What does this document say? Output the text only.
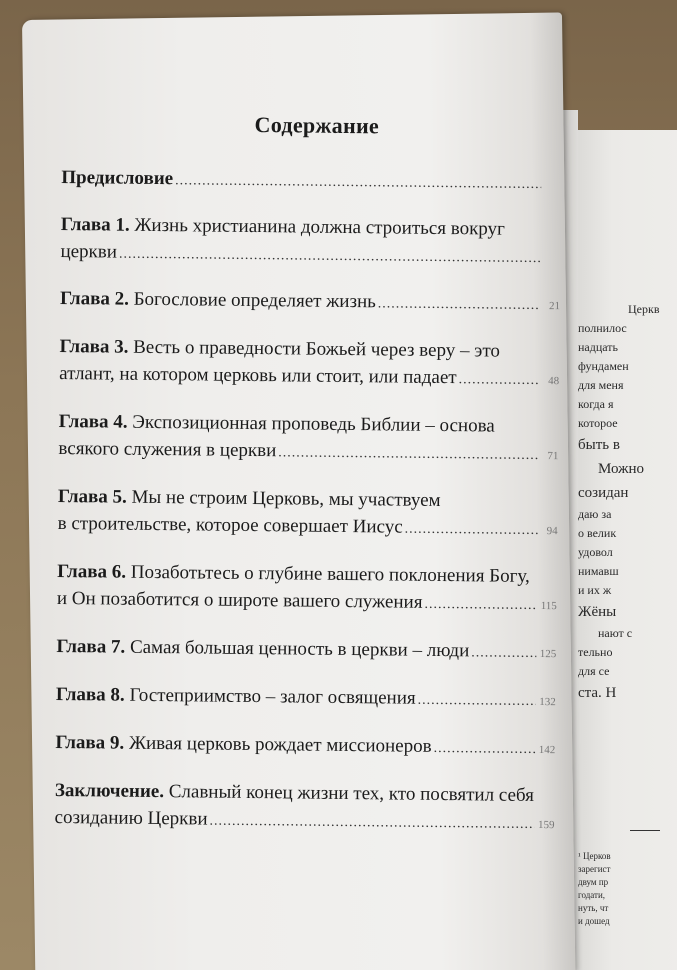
Содержание
Предисловие
.....
Глава 1. Жизнь христианина должна строиться вокруг
церкви
.....
Глава 2. Богословие определяет жизнь .....	21
Глава 3. Весть о праведности Божьей через веру – это
атлант, на котором церковь или стоит, или падает .....	48
Глава 4. Экспозиционная проповедь Библии – основа
всякого служения в церкви .....	71
Глава 5. Мы не строим Церковь, мы участвуем
в строительстве, которое совершает Иисус .....	94
Глава 6. Позаботьтесь о глубине вашего поклонения Богу,
и Он позаботится о широте вашего служения .....	115
Глава 7. Самая большая ценность в церкви – люди .....	125
Глава 8. Гостеприимство – залог освящения .....	132
Глава 9. Живая церковь рождает миссионеров .....	142
Заключение. Славный конец жизни тех, кто посвятил себя
созиданию Церкви .....	159
Церкв
полнилос
надцать
фундамен
для меня
когда я
которое
быть в
Можно
созидан
даю за
о велик
удовол
нимавш
и их ж
Жёны
нают с
тельно
для се
ста. Н
¹ Церков
зарегист
двум пр
годати,
нуть, чт
и дошед
